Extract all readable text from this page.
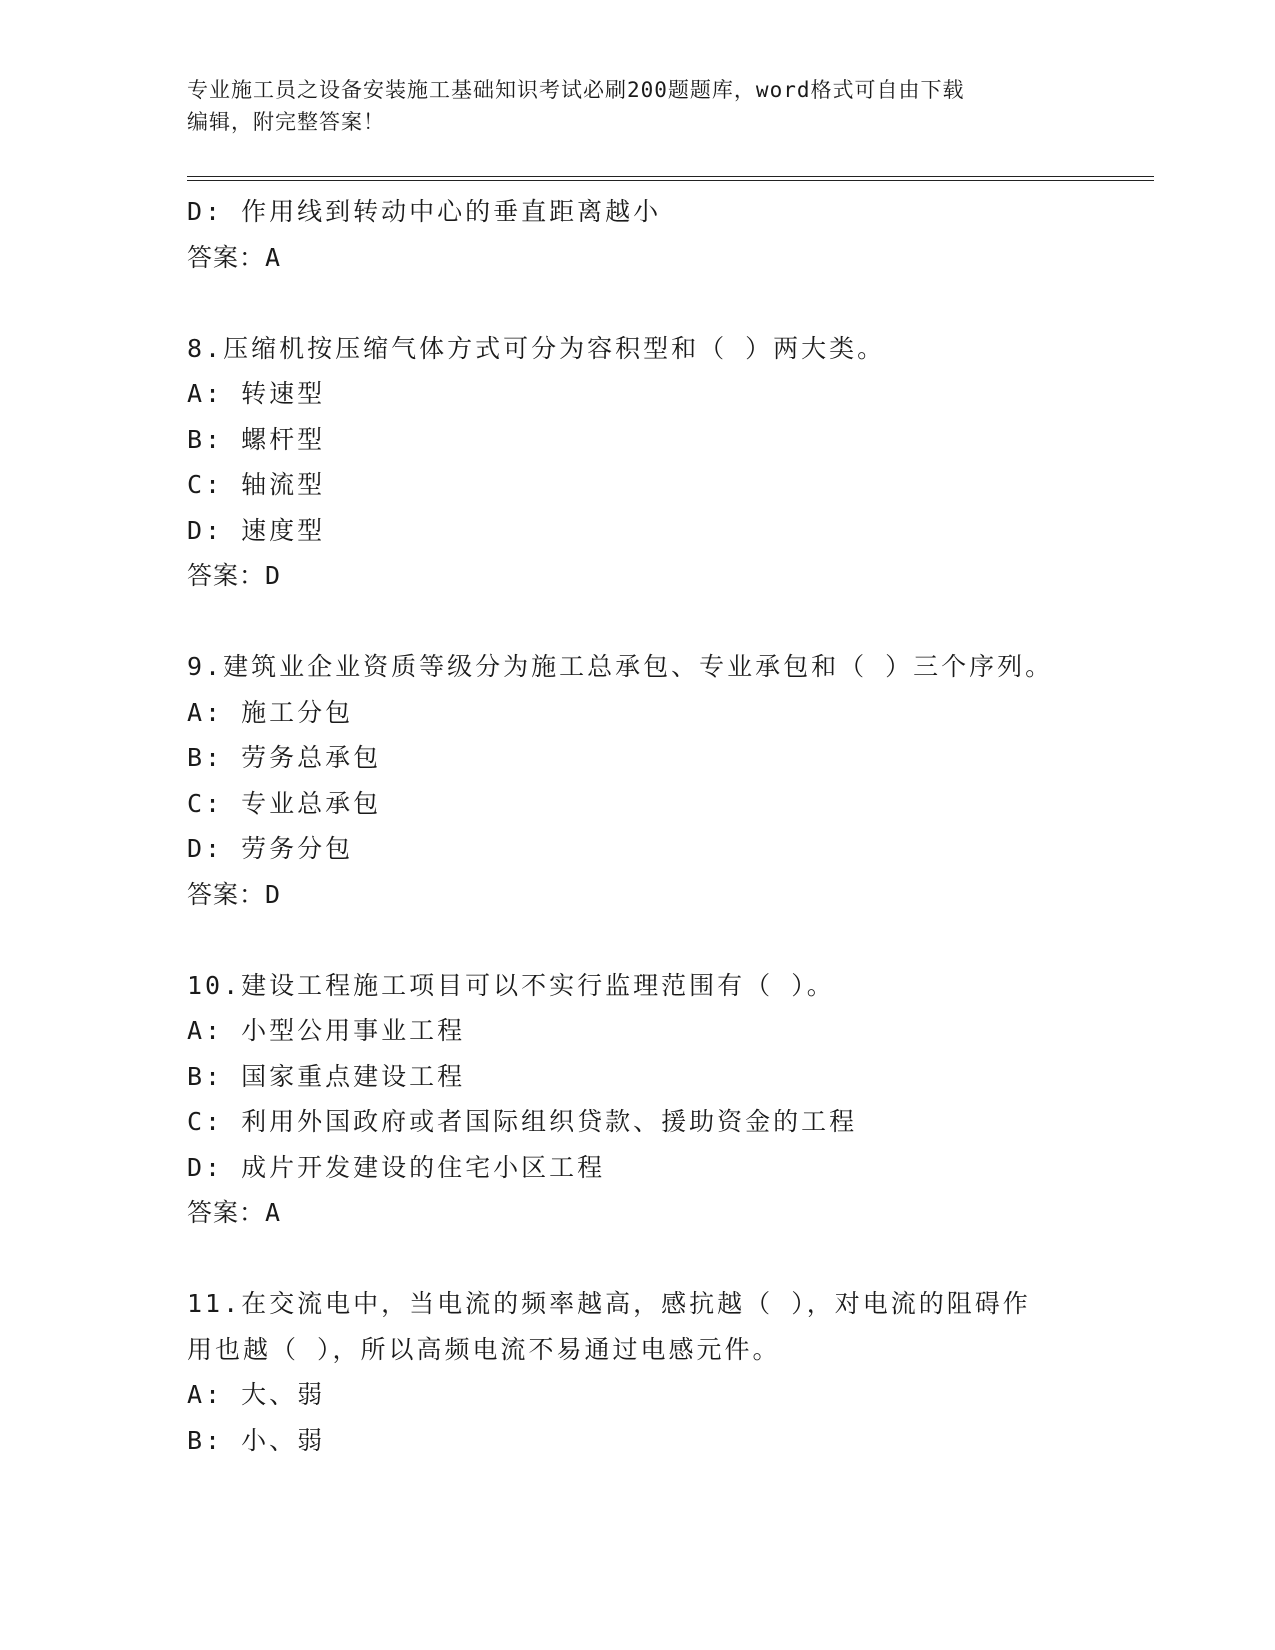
专业施工员之设备安装施工基础知识考试必刷200题题库，word格式可自由下载
编辑，附完整答案！
D: 作用线到转动中心的垂直距离越小
答案：A
8.压缩机按压缩气体方式可分为容积型和（ ）两大类。
A: 转速型
B: 螺杆型
C: 轴流型
D: 速度型
答案：D
9.建筑业企业资质等级分为施工总承包、专业承包和（ ）三个序列。
A: 施工分包
B: 劳务总承包
C: 专业总承包
D: 劳务分包
答案：D
10.建设工程施工项目可以不实行监理范围有（ ）。
A: 小型公用事业工程
B: 国家重点建设工程
C: 利用外国政府或者国际组织贷款、援助资金的工程
D: 成片开发建设的住宅小区工程
答案：A
11.在交流电中，当电流的频率越高，感抗越（ ），对电流的阻碍作
用也越（ ），所以高频电流不易通过电感元件。
A: 大、弱
B: 小、弱
